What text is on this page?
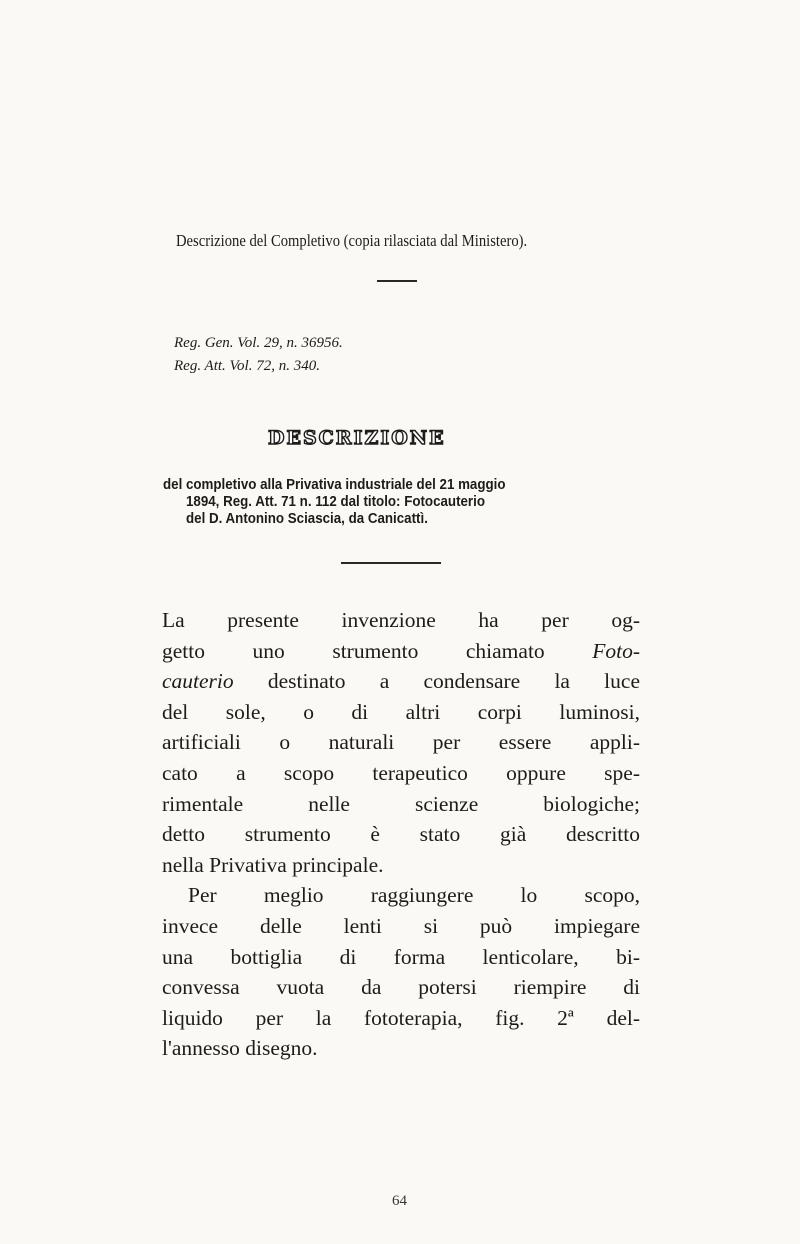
Descrizione del Completivo (copia rilasciata dal Ministero).
Reg. Gen. Vol. 29, n. 36956.
Reg. Att. Vol. 72, n. 340.
DESCRIZIONE
del completivo alla Privativa industriale del 21 maggio
1894, Reg. Att. 71 n. 112 dal titolo: Fotocauterio
del D. Antonino Sciascia, da Canicattì.
La presente invenzione ha per og-
getto uno strumento chiamato Foto-
cauterio destinato a condensare la luce
del sole, o di altri corpi luminosi,
artificiali o naturali per essere appli-
cato a scopo terapeutico oppure spe-
rimentale nelle scienze biologiche;
detto strumento è stato già descritto
nella Privativa principale.
Per meglio raggiungere lo scopo,
invece delle lenti si può impiegare
una bottiglia di forma lenticolare, bi-
convessa vuota da potersi riempire di
liquido per la fototerapia, fig. 2ª del-
l'annesso disegno.
64
